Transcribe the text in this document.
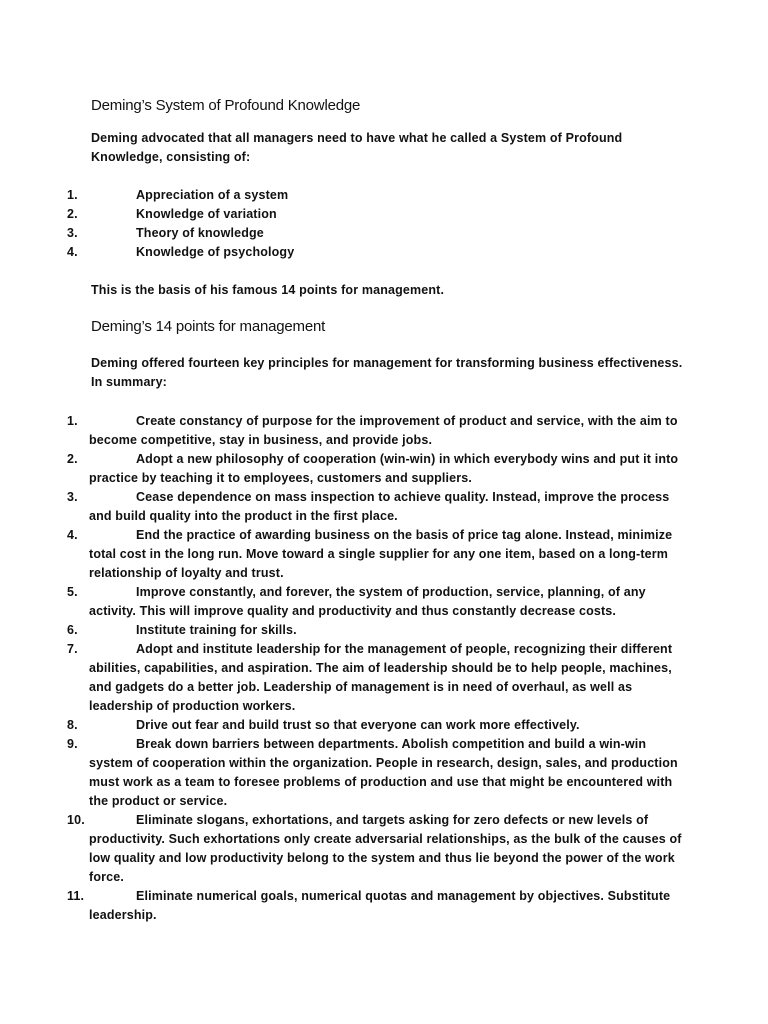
Deming’s System of Profound Knowledge

Deming advocated that all managers need to have what he called a System of Profound Knowledge, consisting of:

1.	Appreciation of a system
2.	Knowledge of variation
3.	Theory of knowledge
4.	Knowledge of psychology

This is the basis of his famous 14 points for management.

Deming’s 14 points for management

Deming offered fourteen key principles for management for transforming business effectiveness. In summary:

1.	Create constancy of purpose for the improvement of product and service, with the aim to become competitive, stay in business, and provide jobs.
2.	Adopt a new philosophy of cooperation (win-win) in which everybody wins and put it into practice by teaching it to employees, customers and suppliers.
3.	Cease dependence on mass inspection to achieve quality. Instead, improve the process and build quality into the product in the first place.
4.	End the practice of awarding business on the basis of price tag alone. Instead, minimize total cost in the long run. Move toward a single supplier for any one item, based on a long-term relationship of loyalty and trust.
5.	Improve constantly, and forever, the system of production, service, planning, of any activity. This will improve quality and productivity and thus constantly decrease costs.
6.	Institute training for skills.
7.	Adopt and institute leadership for the management of people, recognizing their different abilities, capabilities, and aspiration. The aim of leadership should be to help people, machines, and gadgets do a better job. Leadership of management is in need of overhaul, as well as leadership of production workers.
8.	Drive out fear and build trust so that everyone can work more effectively.
9.	Break down barriers between departments. Abolish competition and build a win-win system of cooperation within the organization. People in research, design, sales, and production must work as a team to foresee problems of production and use that might be encountered with the product or service.
10.	Eliminate slogans, exhortations, and targets asking for zero defects or new levels of productivity. Such exhortations only create adversarial relationships, as the bulk of the causes of low quality and low productivity belong to the system and thus lie beyond the power of the work force.
11.	Eliminate numerical goals, numerical quotas and management by objectives. Substitute leadership.
